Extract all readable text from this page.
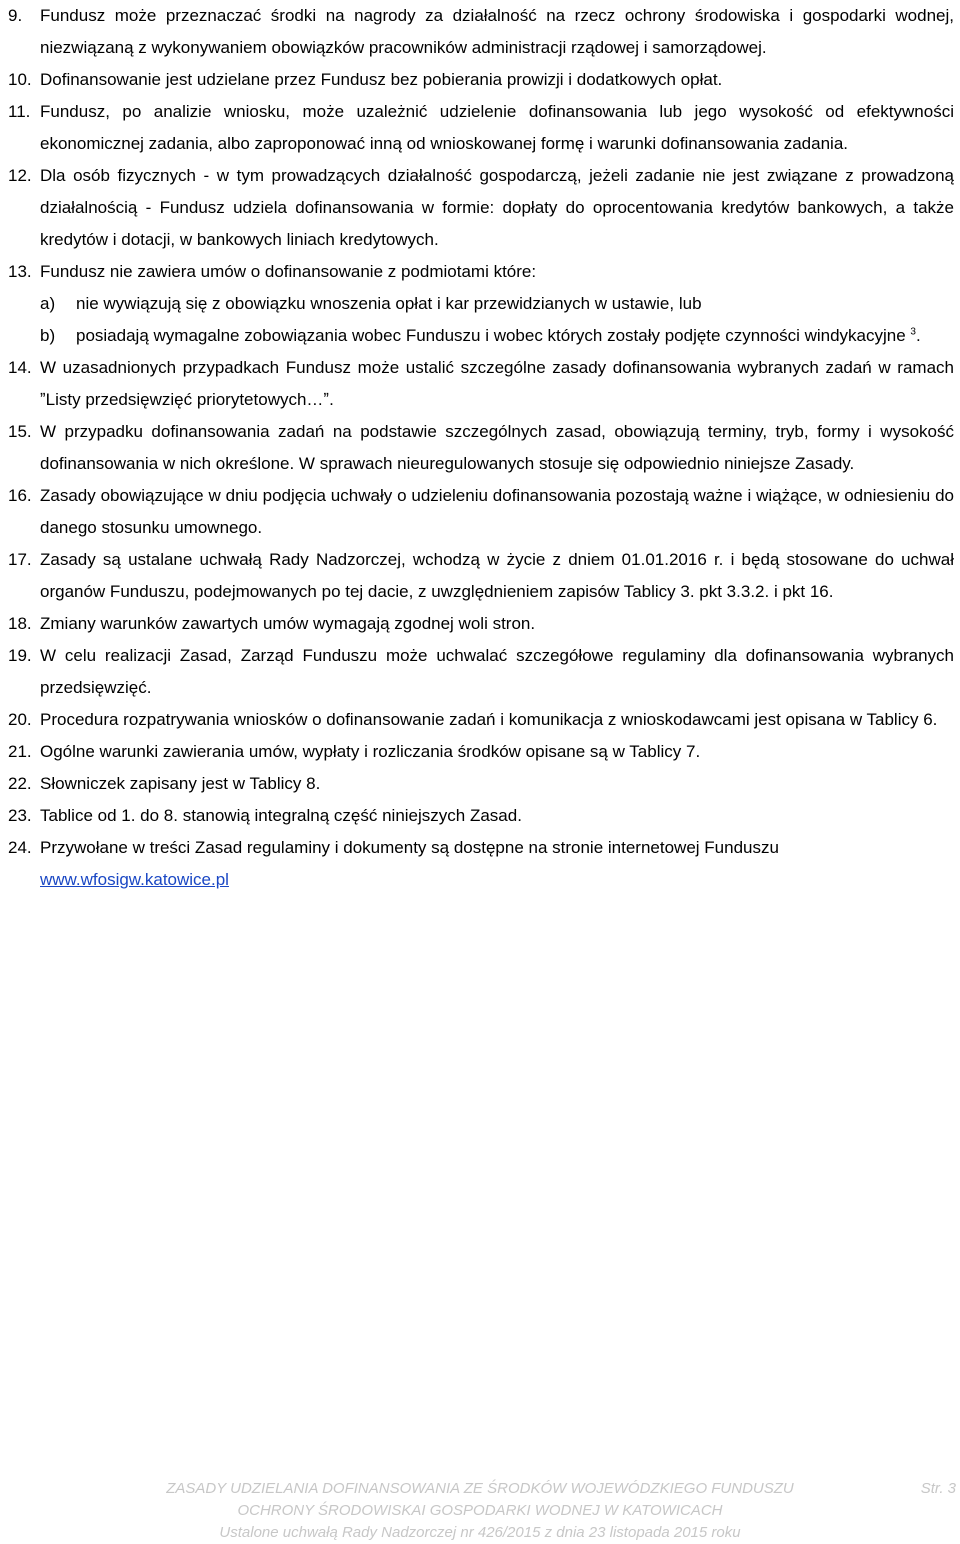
9.	Fundusz może przeznaczać środki na nagrody za działalność na rzecz ochrony środowiska i gospodarki wodnej, niezwiązaną z wykonywaniem obowiązków pracowników administracji rządowej i samorządowej.
10. Dofinansowanie jest udzielane przez Fundusz bez pobierania prowizji i dodatkowych opłat.
11. Fundusz, po analizie wniosku, może uzależnić udzielenie dofinansowania lub jego wysokość od efektywności ekonomicznej zadania, albo zaproponować inną od wnioskowanej formę i warunki dofinansowania zadania.
12. Dla osób fizycznych - w tym prowadzących działalność gospodarczą, jeżeli zadanie nie jest związane z prowadzoną działalnością - Fundusz udziela dofinansowania w formie: dopłaty do oprocentowania kredytów bankowych, a także kredytów i dotacji, w bankowych liniach kredytowych.
13. Fundusz nie zawiera umów o dofinansowanie z podmiotami które:
a)	nie wywiązują się z obowiązku wnoszenia opłat i kar przewidzianych w ustawie, lub
b)	posiadają wymagalne zobowiązania wobec Funduszu i wobec których zostały podjęte czynności windykacyjne $^3$.
14. W uzasadnionych przypadkach Fundusz może ustalić szczególne zasady dofinansowania wybranych zadań w ramach ˮListy przedsięwzięć priorytetowych…ˮ.
15. W przypadku dofinansowania zadań na podstawie szczególnych zasad, obowiązują terminy, tryb, formy i wysokość dofinansowania w nich określone. W sprawach nieuregulowanych stosuje się odpowiednio niniejsze Zasady.
16. Zasady obowiązujące w dniu podjęcia uchwały o udzieleniu dofinansowania pozostają ważne i wiążące, w odniesieniu do danego stosunku umownego.
17. Zasady są ustalane uchwałą Rady Nadzorczej, wchodzą w życie z dniem 01.01.2016 r. i będą stosowane do uchwał organów Funduszu, podejmowanych po tej dacie, z uwzględnieniem zapisów Tablicy 3. pkt 3.3.2. i pkt 16.
18. Zmiany warunków zawartych umów wymagają zgodnej woli stron.
19. W celu realizacji Zasad, Zarząd Funduszu może uchwalać szczegółowe regulaminy dla dofinansowania wybranych przedsięwzięć.
20. Procedura rozpatrywania wniosków o dofinansowanie zadań i komunikacja z wnioskodawcami jest opisana w Tablicy 6.
21. Ogólne warunki zawierania umów, wypłaty i rozliczania środków opisane są w Tablicy 7.
22. Słowniczek zapisany jest w Tablicy 8.
23. Tablice od 1. do 8. stanowią integralną część niniejszych Zasad.
24. Przywołane w treści Zasad regulaminy i dokumenty są dostępne na stronie internetowej Funduszu
www.wfosigw.katowice.pl
ZASADY UDZIELANIA DOFINANSOWANIA ZE ŚRODKÓW WOJEWÓDZKIEGO FUNDUSZU
OCHRONY ŚRODOWISKAI GOSPODARKI WODNEJ W KATOWICACH
Ustalone uchwałą Rady Nadzorczej nr 426/2015 z dnia 23 listopada 2015 roku
Str. 3
